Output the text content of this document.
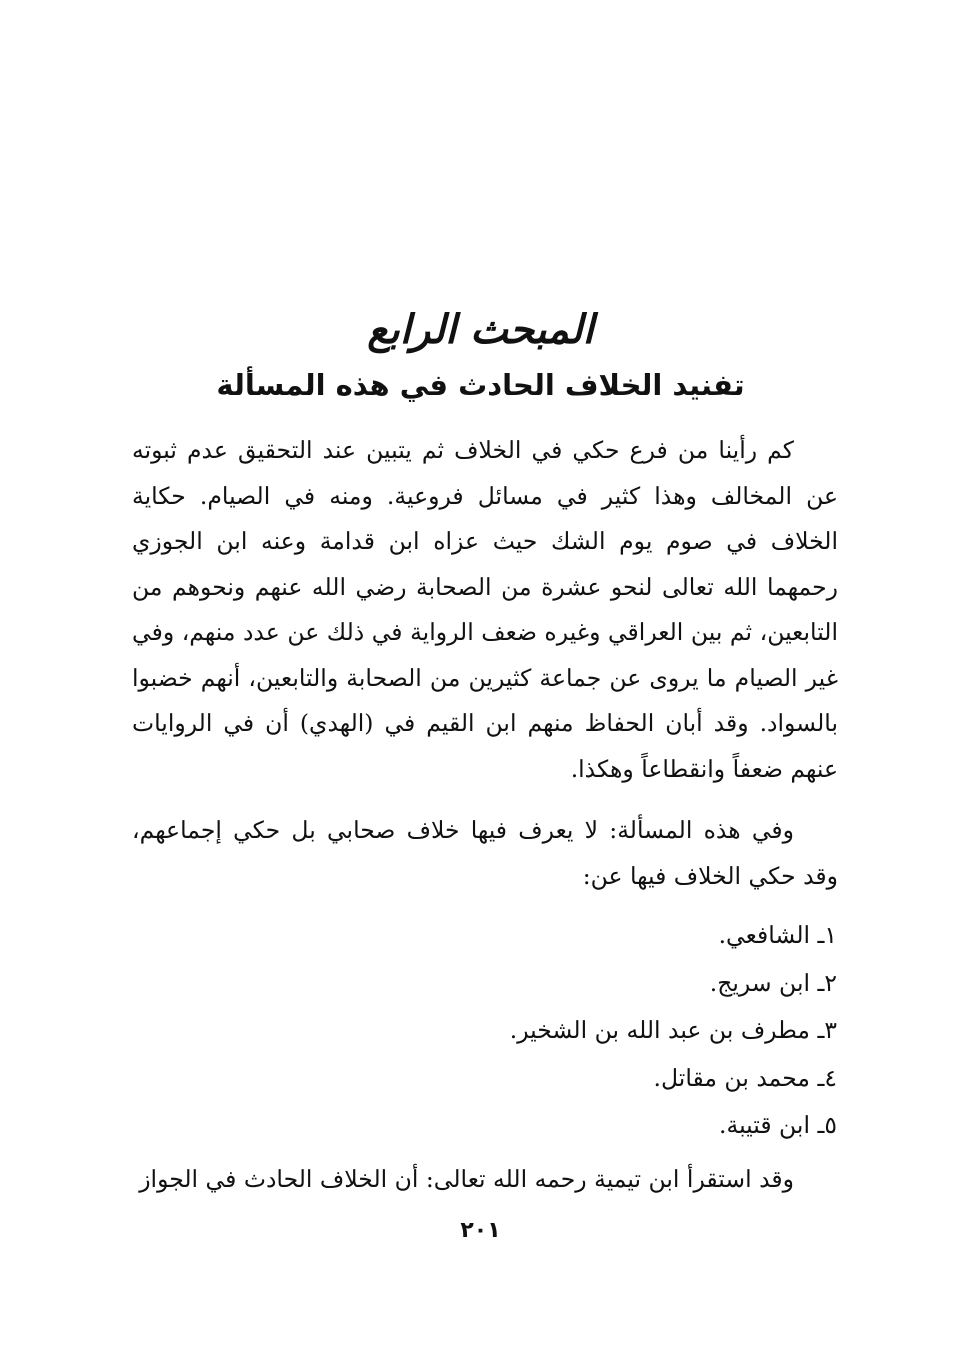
المبحث الرابع
تفنيد الخلاف الحادث في هذه المسألة

كم رأينا من فرع حكي في الخلاف ثم يتبين عند التحقيق عدم ثبوته عن المخالف وهذا كثير في مسائل فروعية. ومنه في الصيام. حكاية الخلاف في صوم يوم الشك حيث عزاه ابن قدامة وعنه ابن الجوزي رحمهما الله تعالى لنحو عشرة من الصحابة رضي الله عنهم ونحوهم من التابعين، ثم بين العراقي وغيره ضعف الرواية في ذلك عن عدد منهم، وفي غير الصيام ما يروى عن جماعة كثيرين من الصحابة والتابعين، أنهم خضبوا بالسواد. وقد أبان الحفاظ منهم ابن القيم في (الهدي) أن في الروايات عنهم ضعفاً وانقطاعاً وهكذا.

وفي هذه المسألة: لا يعرف فيها خلاف صحابي بل حكي إجماعهم، وقد حكي الخلاف فيها عن:

١ـ الشافعي.
٢ـ ابن سريج.
٣ـ مطرف بن عبد الله بن الشخير.
٤ـ محمد بن مقاتل.
٥ـ ابن قتيبة.

وقد استقرأ ابن تيمية رحمه الله تعالى: أن الخلاف الحادث في الجواز

٢٠١
